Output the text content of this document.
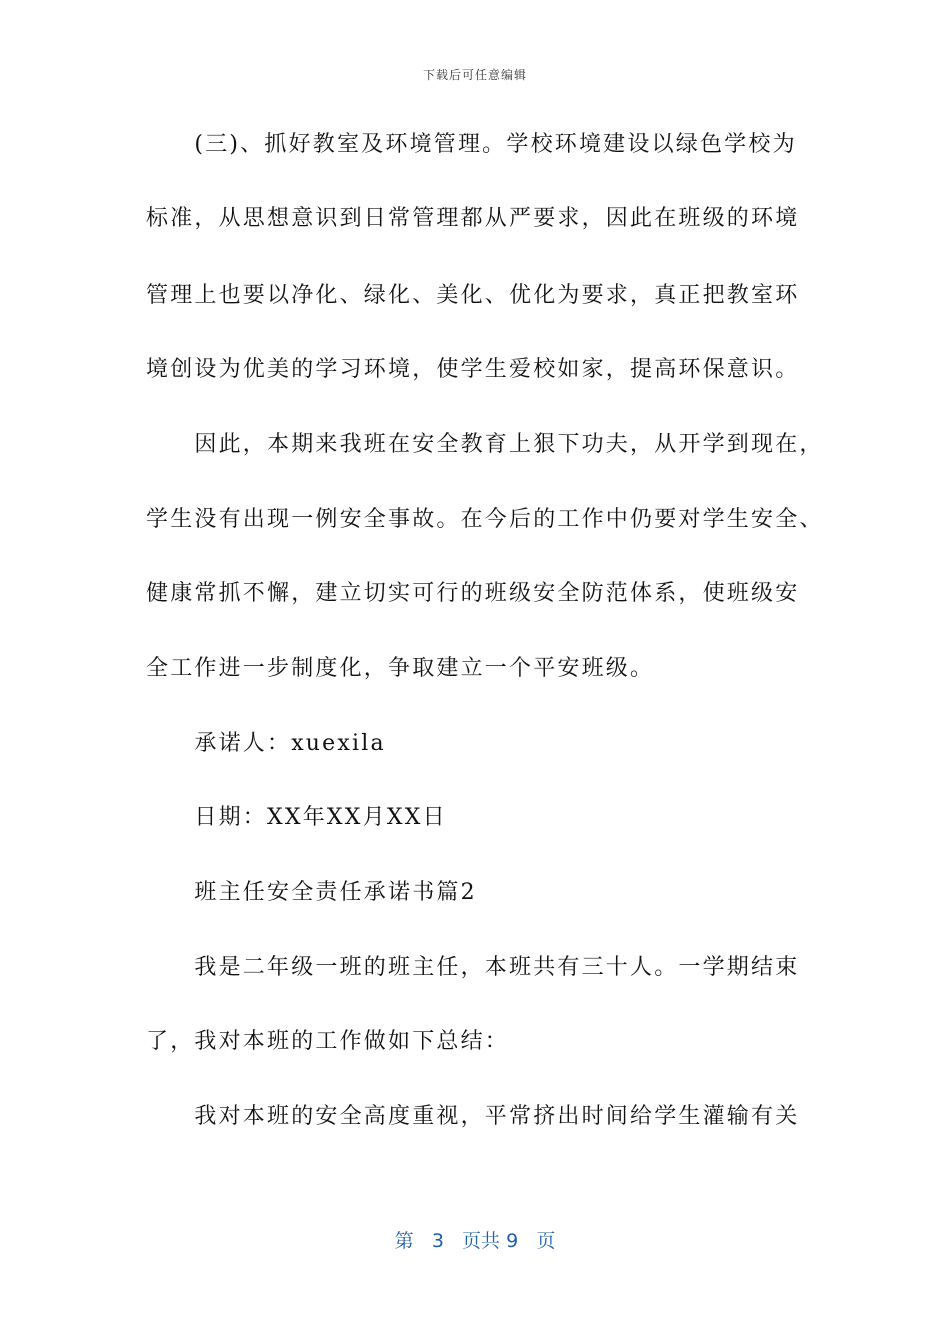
下载后可任意编辑
　　(三)、抓好教室及环境管理。学校环境建设以绿色学校为
标准，从思想意识到日常管理都从严要求，因此在班级的环境
管理上也要以净化、绿化、美化、优化为要求，真正把教室环
境创设为优美的学习环境，使学生爱校如家，提高环保意识。
　　因此，本期来我班在安全教育上狠下功夫，从开学到现在，
学生没有出现一例安全事故。在今后的工作中仍要对学生安全、
健康常抓不懈，建立切实可行的班级安全防范体系，使班级安
全工作进一步制度化，争取建立一个平安班级。
　　承诺人：xuexila
　　日期：XX年XX月XX日
　　班主任安全责任承诺书篇2
　　我是二年级一班的班主任，本班共有三十人。一学期结束
了，我对本班的工作做如下总结：
　　我对本班的安全高度重视，平常挤出时间给学生灌输有关
第 3 页共 9 页
